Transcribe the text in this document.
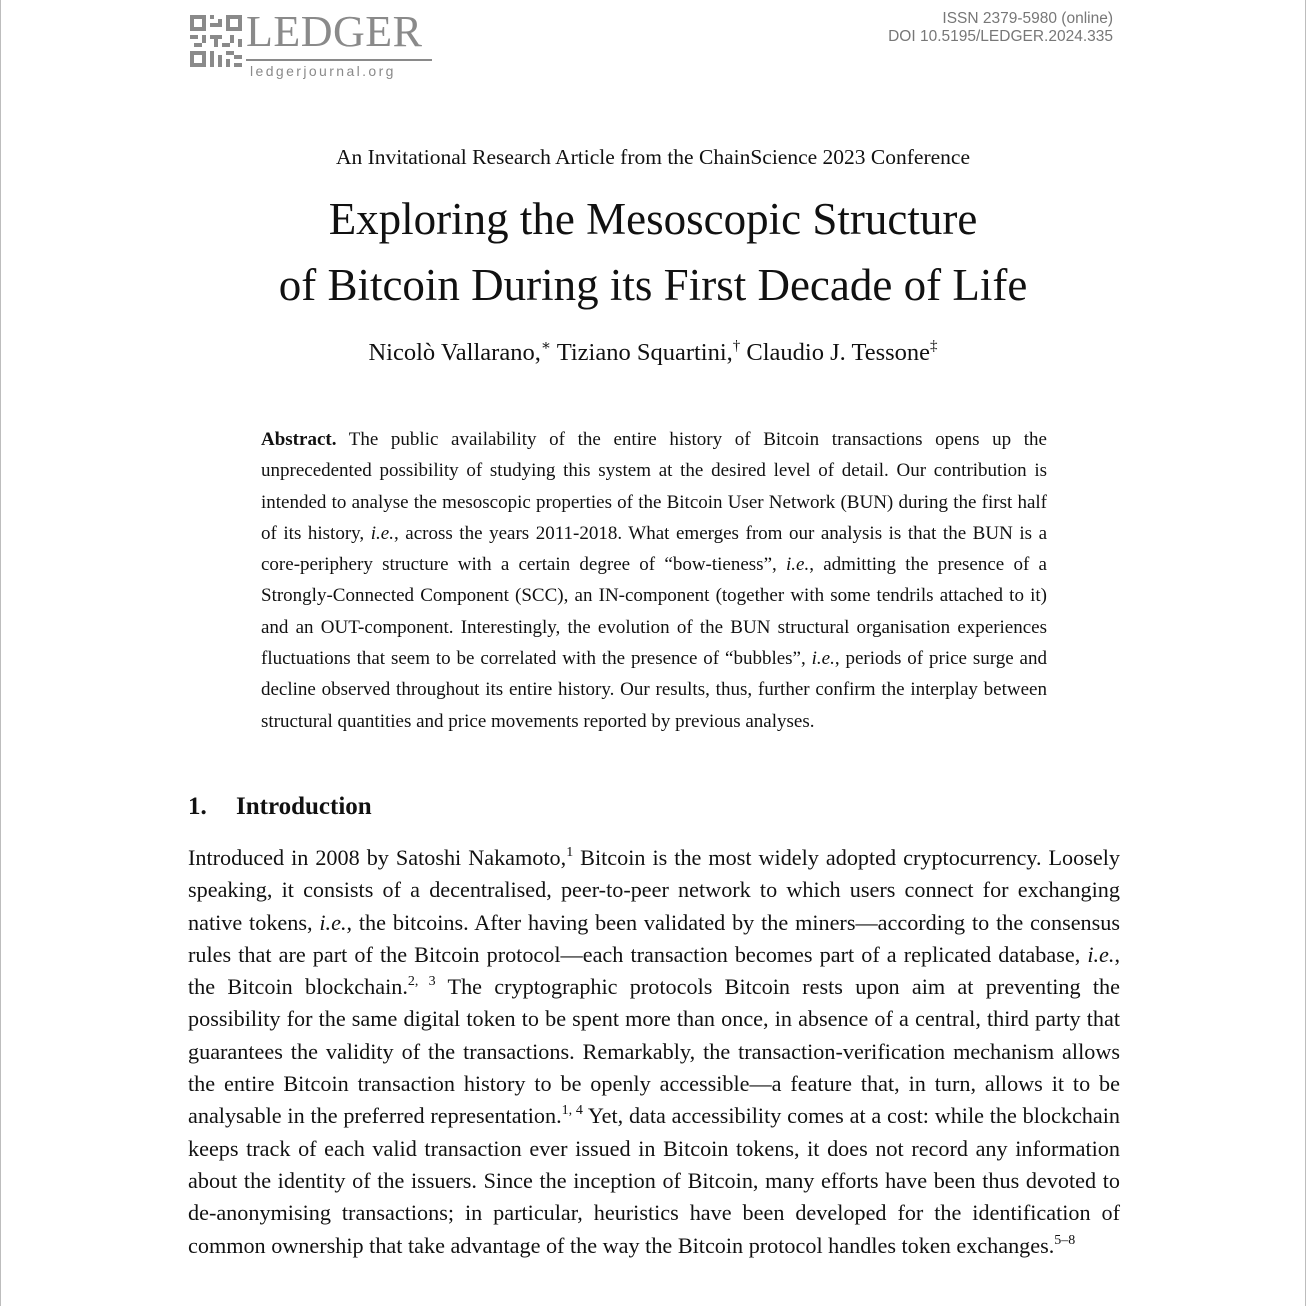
LEDGER
ledgerjournal.org
ISSN 2379-5980 (online)
DOI 10.5195/LEDGER.2024.335
An Invitational Research Article from the ChainScience 2023 Conference
Exploring the Mesoscopic Structure
of Bitcoin During its First Decade of Life
Nicolò Vallarano,∗ Tiziano Squartini,† Claudio J. Tessone‡
Abstract. The public availability of the entire history of Bitcoin transactions opens up the unprecedented possibility of studying this system at the desired level of detail. Our contribution is intended to analyse the mesoscopic properties of the Bitcoin User Network (BUN) during the first half of its history, i.e., across the years 2011-2018. What emerges from our analysis is that the BUN is a core-periphery structure with a certain degree of “bow-tieness”, i.e., admitting the presence of a Strongly-Connected Component (SCC), an IN-component (together with some tendrils attached to it) and an OUT-component. Interestingly, the evolution of the BUN structural organisation experiences fluctuations that seem to be correlated with the presence of “bubbles”, i.e., periods of price surge and decline observed throughout its entire history. Our results, thus, further confirm the interplay between structural quantities and price movements reported by previous analyses.
1. Introduction
Introduced in 2008 by Satoshi Nakamoto,$^1$ Bitcoin is the most widely adopted cryptocurrency. Loosely speaking, it consists of a decentralised, peer-to-peer network to which users connect for exchanging native tokens, i.e., the bitcoins. After having been validated by the miners—according to the consensus rules that are part of the Bitcoin protocol—each transaction becomes part of a replicated database, i.e., the Bitcoin blockchain.$^{2, 3}$ The cryptographic protocols Bitcoin rests upon aim at preventing the possibility for the same digital token to be spent more than once, in absence of a central, third party that guarantees the validity of the transactions. Remarkably, the transaction-verification mechanism allows the entire Bitcoin transaction history to be openly accessible—a feature that, in turn, allows it to be analysable in the preferred representation.$^{1, 4}$ Yet, data accessibility comes at a cost: while the blockchain keeps track of each valid transaction ever issued in Bitcoin tokens, it does not record any information about the identity of the issuers. Since the inception of Bitcoin, many efforts have been thus devoted to de-anonymising transactions; in particular, heuristics have been developed for the identification of common ownership that take advantage of the way the Bitcoin protocol handles token exchanges.$^{5-8}$
